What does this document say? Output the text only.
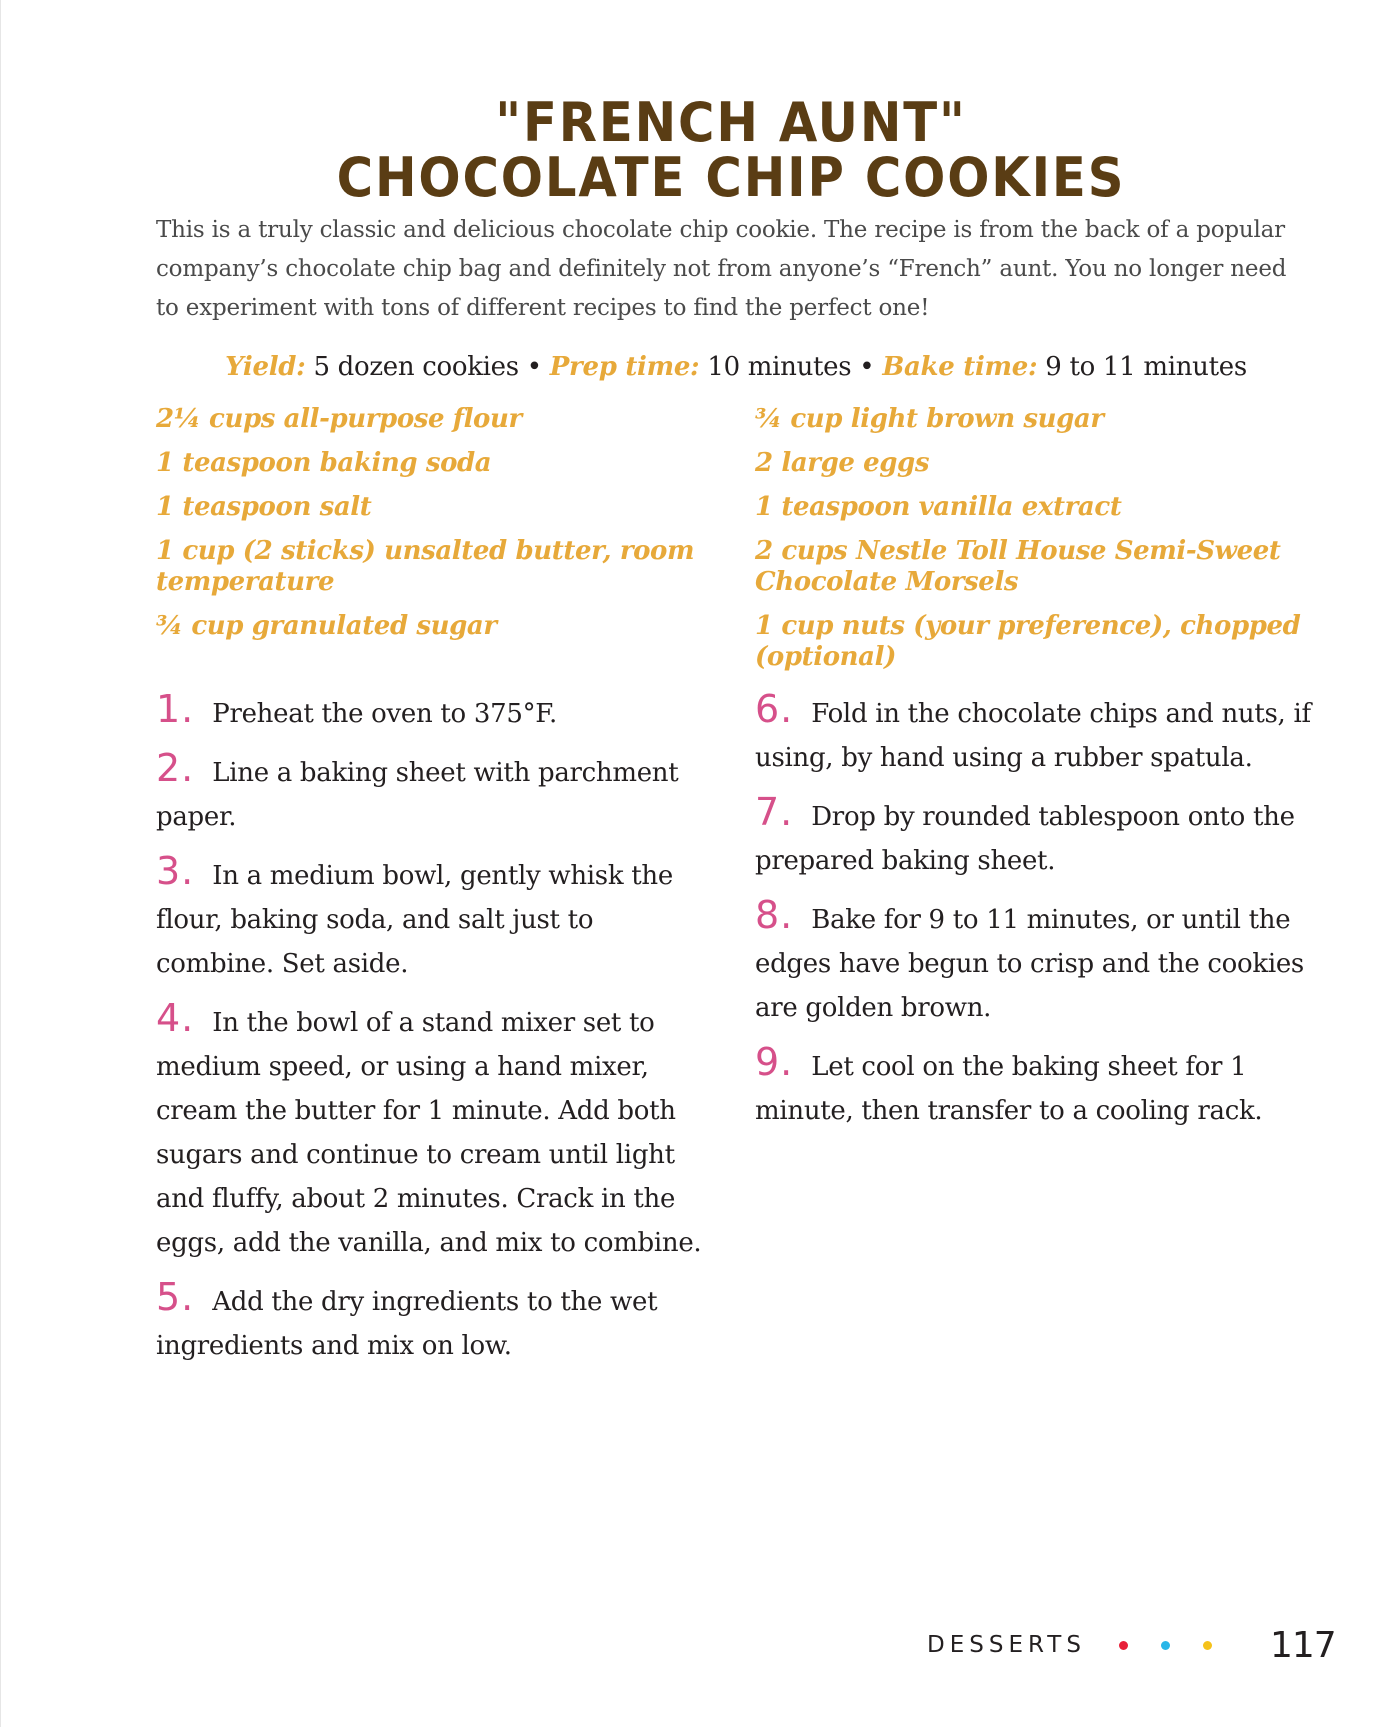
"FRENCH AUNT"
CHOCOLATE CHIP COOKIES

This is a truly classic and delicious chocolate chip cookie. The recipe is from the back of a popular company’s chocolate chip bag and definitely not from anyone’s “French” aunt. You no longer need to experiment with tons of different recipes to find the perfect one!

Yield: 5 dozen cookies • Prep time: 10 minutes • Bake time: 9 to 11 minutes
2¼ cups all-purpose flour
1 teaspoon baking soda
1 teaspoon salt
1 cup (2 sticks) unsalted butter, room temperature
¾ cup granulated sugar
¾ cup light brown sugar
2 large eggs
1 teaspoon vanilla extract
2 cups Nestle Toll House Semi-Sweet Chocolate Morsels
1 cup nuts (your preference), chopped (optional)

1. Preheat the oven to 375°F.

2. Line a baking sheet with parchment paper.

3. In a medium bowl, gently whisk the flour, baking soda, and salt just to combine. Set aside.

4. In the bowl of a stand mixer set to medium speed, or using a hand mixer, cream the butter for 1 minute. Add both sugars and continue to cream until light and fluffy, about 2 minutes. Crack in the eggs, add the vanilla, and mix to combine.

5. Add the dry ingredients to the wet ingredients and mix on low.

6. Fold in the chocolate chips and nuts, if using, by hand using a rubber spatula.

7. Drop by rounded tablespoon onto the prepared baking sheet.

8. Bake for 9 to 11 minutes, or until the edges have begun to crisp and the cookies are golden brown.

9. Let cool on the baking sheet for 1 minute, then transfer to a cooling rack.

DESSERTS	117
